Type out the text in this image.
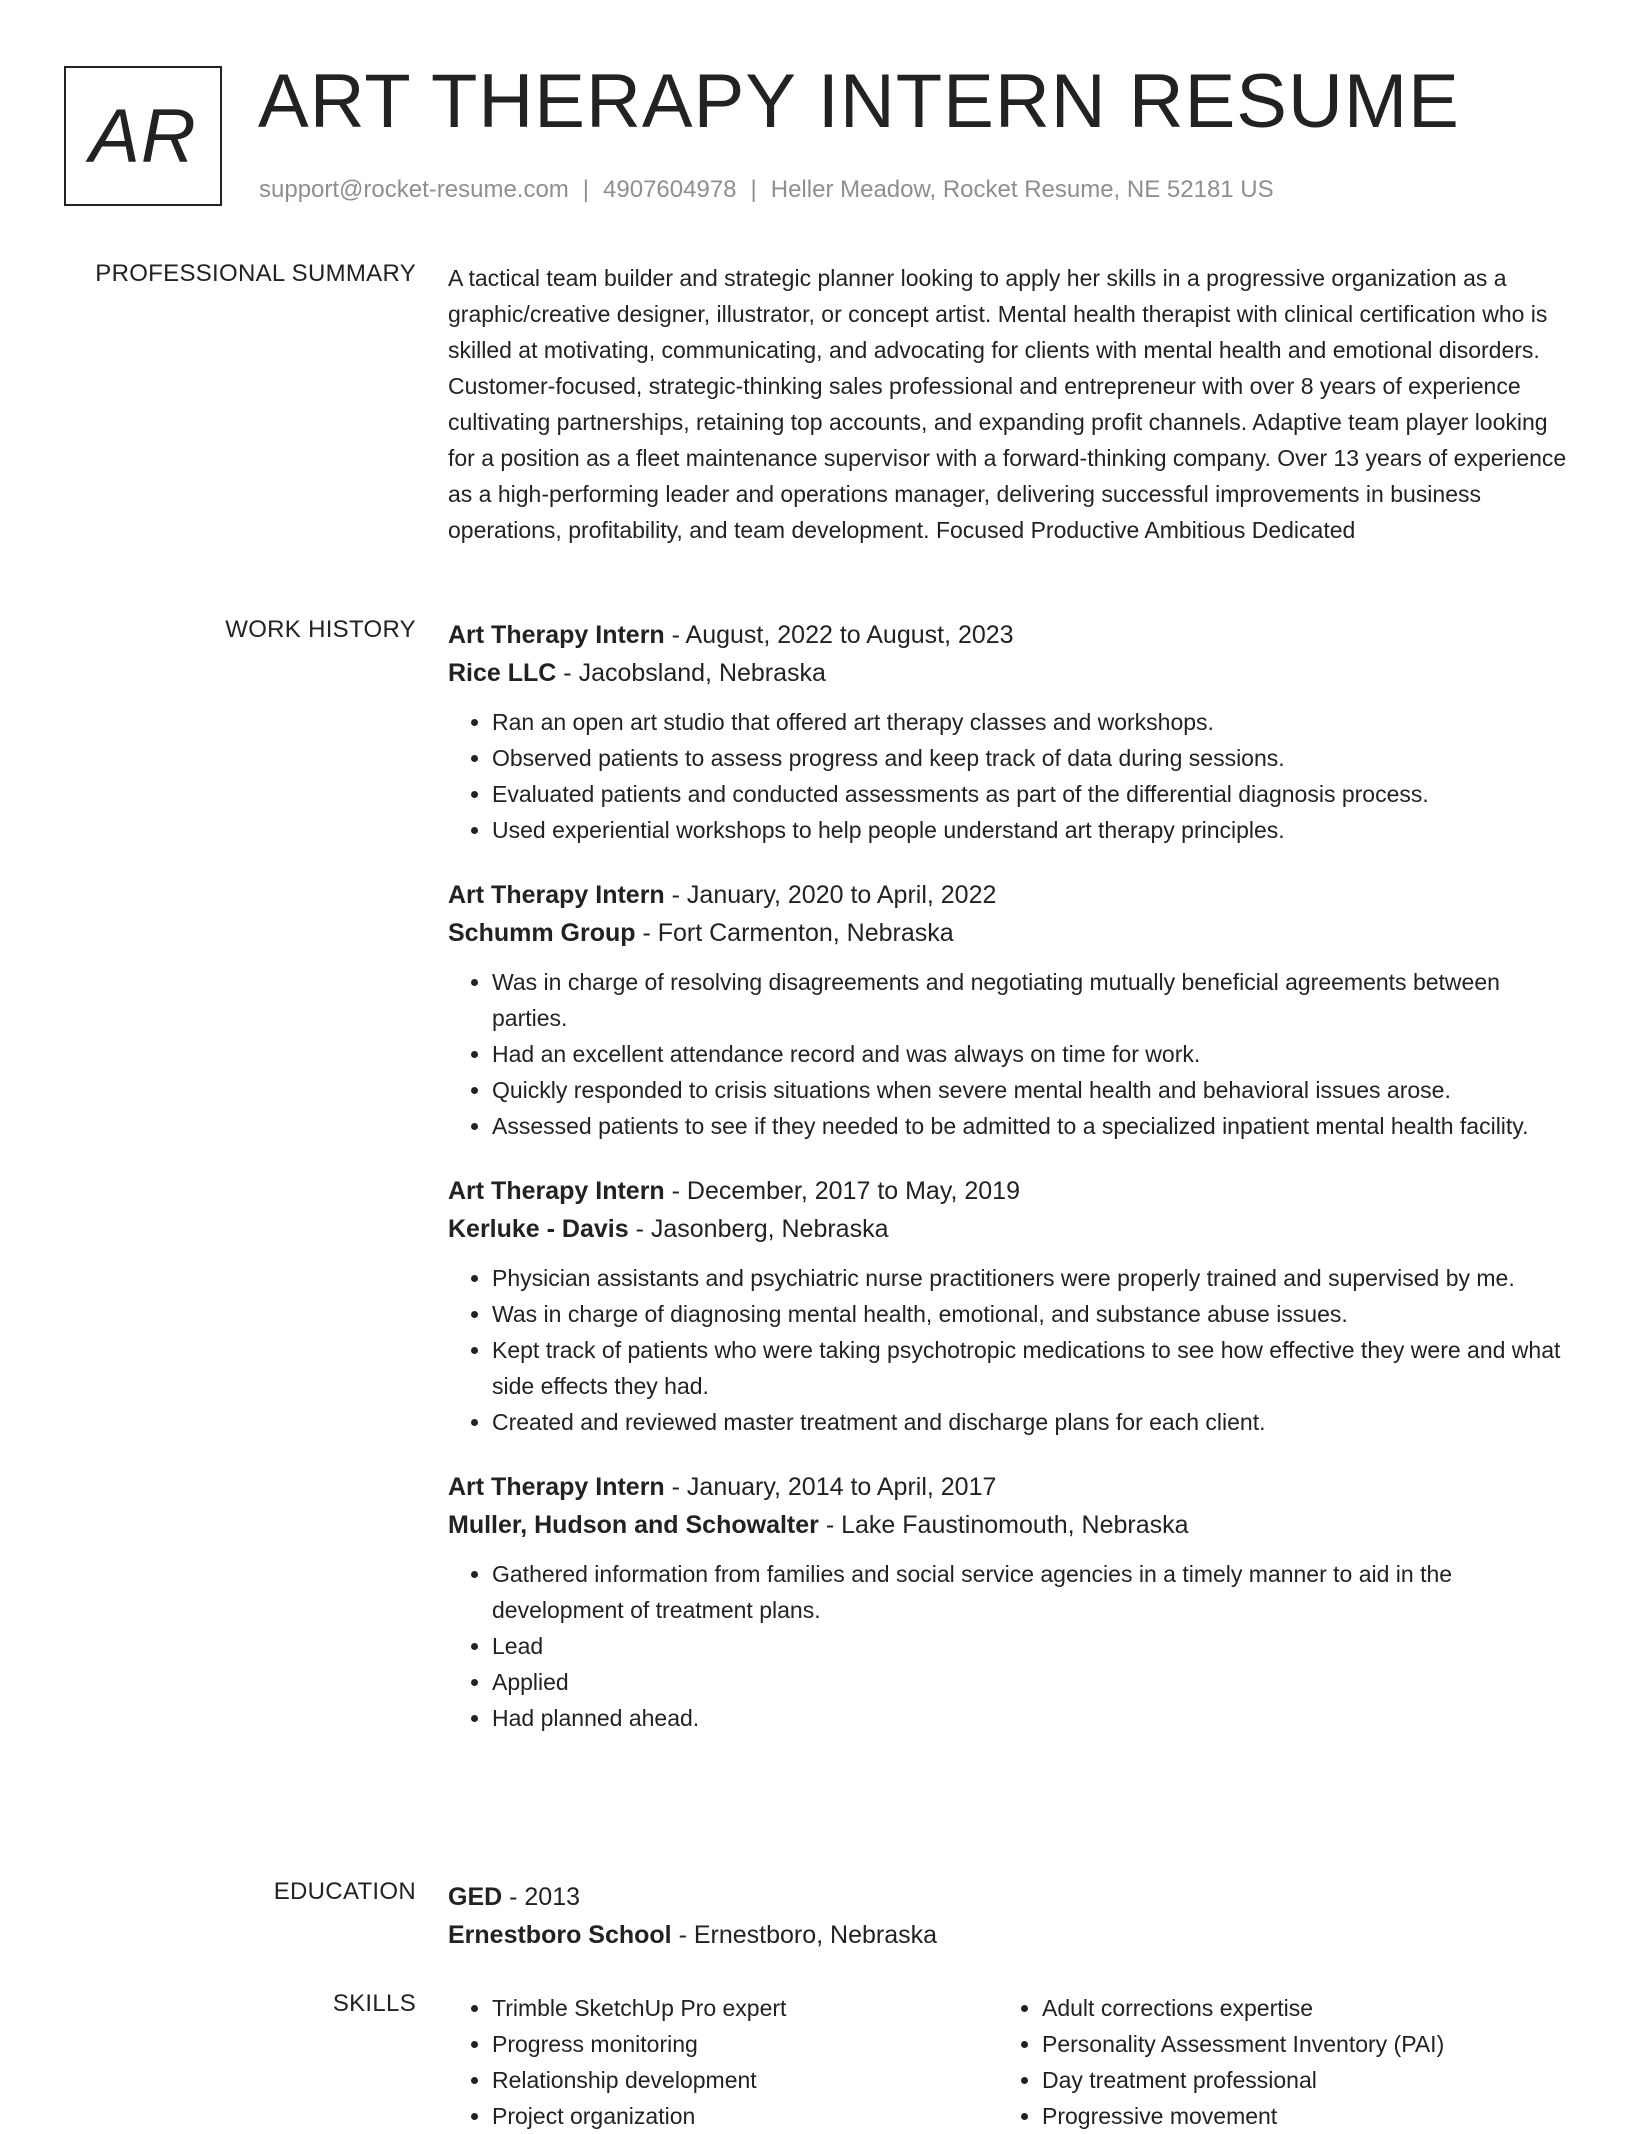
AR ART THERAPY INTERN RESUME
support@rocket-resume.com | 4907604978 | Heller Meadow, Rocket Resume, NE 52181 US
PROFESSIONAL SUMMARY A tactical team builder and strategic planner looking to apply her skills in a progressive organization as a graphic/creative designer, illustrator, or concept artist. Mental health therapist with clinical certification who is skilled at motivating, communicating, and advocating for clients with mental health and emotional disorders. Customer-focused, strategic-thinking sales professional and entrepreneur with over 8 years of experience cultivating partnerships, retaining top accounts, and expanding profit channels. Adaptive team player looking for a position as a fleet maintenance supervisor with a forward-thinking company. Over 13 years of experience as a high-performing leader and operations manager, delivering successful improvements in business operations, profitability, and team development. Focused Productive Ambitious Dedicated

WORK HISTORY Art Therapy Intern - August, 2022 to August, 2023
Rice LLC - Jacobsland, Nebraska
• Ran an open art studio that offered art therapy classes and workshops.
• Observed patients to assess progress and keep track of data during sessions.
• Evaluated patients and conducted assessments as part of the differential diagnosis process.
• Used experiential workshops to help people understand art therapy principles.
Art Therapy Intern - January, 2020 to April, 2022
Schumm Group - Fort Carmenton, Nebraska
• Was in charge of resolving disagreements and negotiating mutually beneficial agreements between parties.
• Had an excellent attendance record and was always on time for work.
• Quickly responded to crisis situations when severe mental health and behavioral issues arose.
• Assessed patients to see if they needed to be admitted to a specialized inpatient mental health facility.
Art Therapy Intern - December, 2017 to May, 2019
Kerluke - Davis - Jasonberg, Nebraska
• Physician assistants and psychiatric nurse practitioners were properly trained and supervised by me.
• Was in charge of diagnosing mental health, emotional, and substance abuse issues.
• Kept track of patients who were taking psychotropic medications to see how effective they were and what side effects they had.
• Created and reviewed master treatment and discharge plans for each client.
Art Therapy Intern - January, 2014 to April, 2017
Muller, Hudson and Schowalter - Lake Faustinomouth, Nebraska
• Gathered information from families and social service agencies in a timely manner to aid in the development of treatment plans.
• Lead
• Applied
• Had planned ahead.
EDUCATION GED - 2013
Ernestboro School - Ernestboro, Nebraska
SKILLS
•	Trimble SketchUp Pro expert
• Progress monitoring
• Relationship development
• Project organization
• Adult corrections expertise
• Personality Assessment Inventory (PAI)
• Day treatment professional
• Progressive movement
